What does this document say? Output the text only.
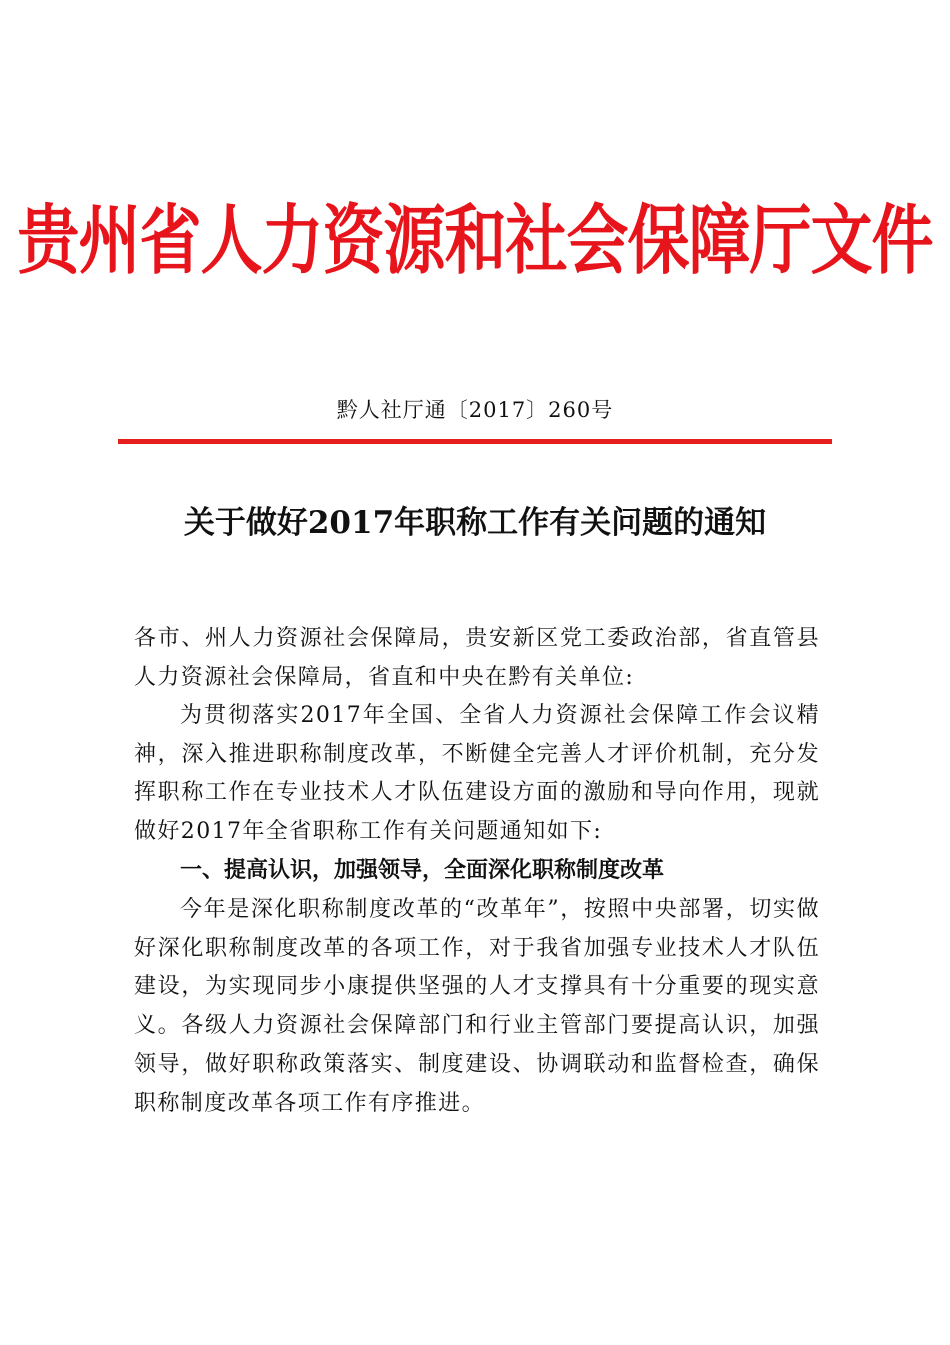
贵州省人力资源和社会保障厅文件
黔人社厅通〔2017〕260号
关于做好2017年职称工作有关问题的通知
各市、州人力资源社会保障局，贵安新区党工委政治部，省直管县人力资源社会保障局，省直和中央在黔有关单位:
为贯彻落实2017年全国、全省人力资源社会保障工作会议精神，深入推进职称制度改革，不断健全完善人才评价机制，充分发挥职称工作在专业技术人才队伍建设方面的激励和导向作用，现就做好2017年全省职称工作有关问题通知如下:
一、提高认识，加强领导，全面深化职称制度改革
今年是深化职称制度改革的“改革年”，按照中央部署，切实做好深化职称制度改革的各项工作，对于我省加强专业技术人才队伍建设，为实现同步小康提供坚强的人才支撑具有十分重要的现实意义。各级人力资源社会保障部门和行业主管部门要提高认识，加强领导，做好职称政策落实、制度建设、协调联动和监督检查，确保职称制度改革各项工作有序推进。
